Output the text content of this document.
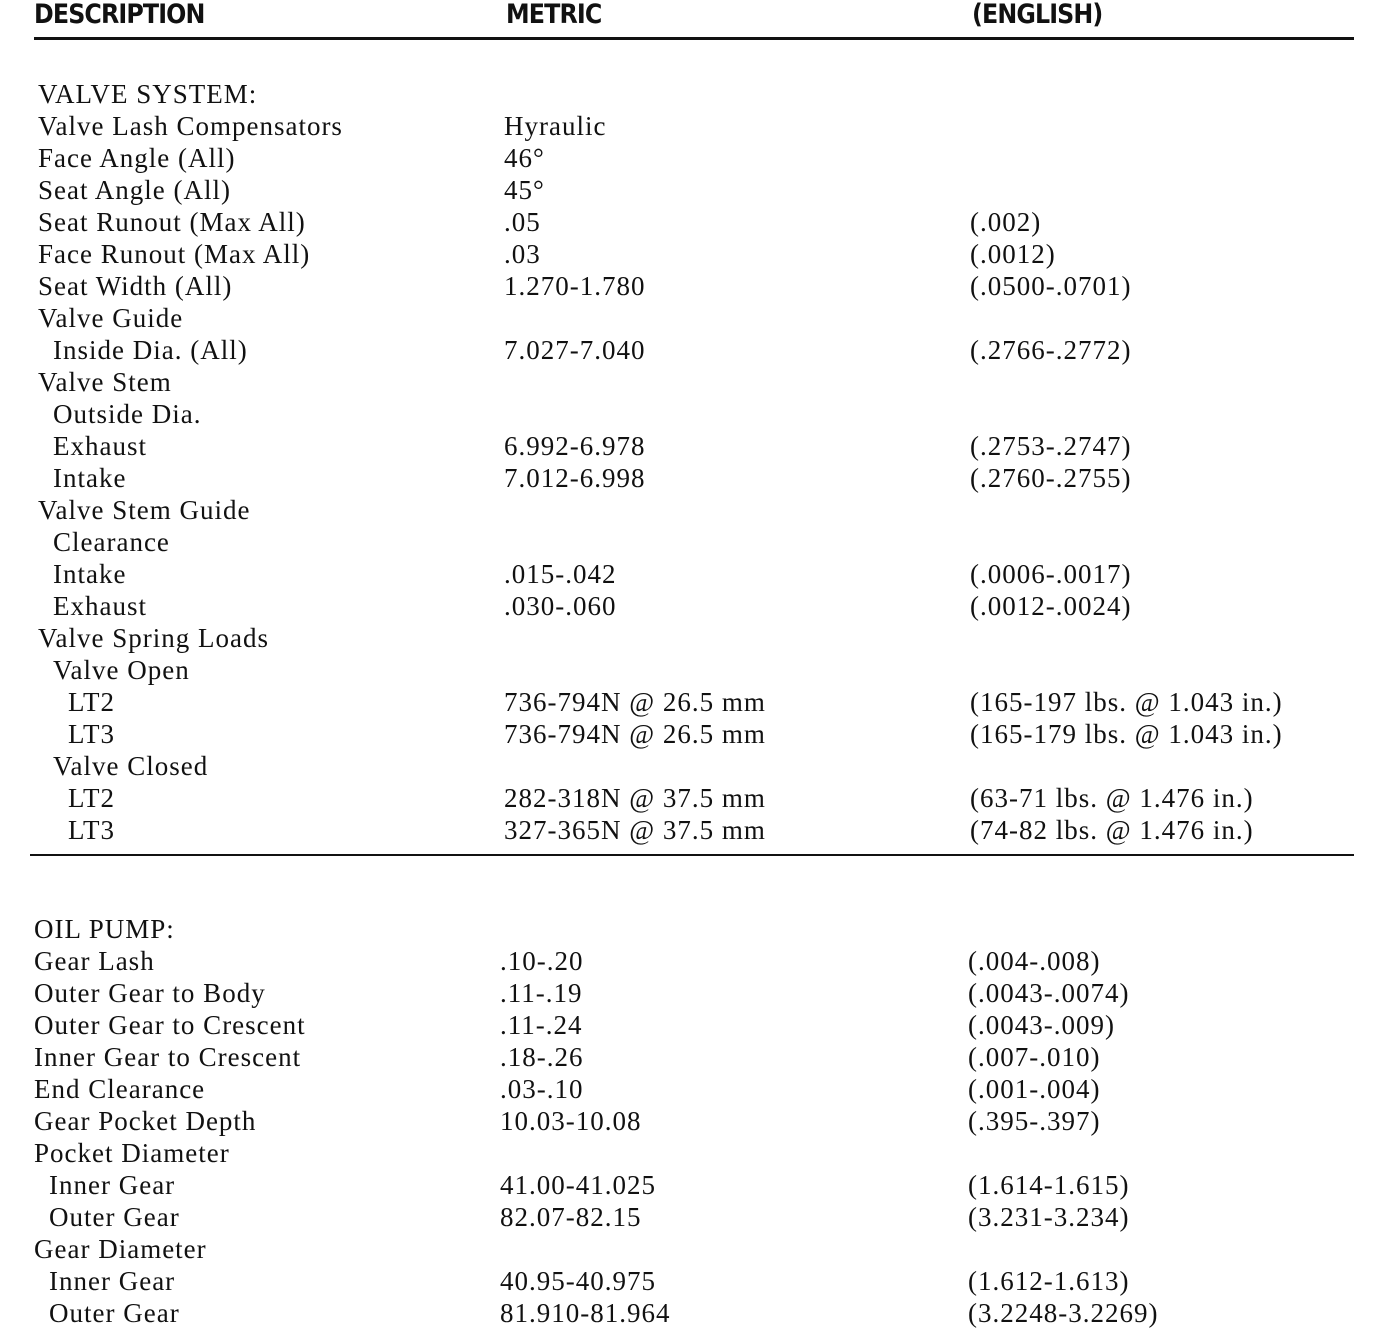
DESCRIPTION	METRIC	(ENGLISH)
VALVE SYSTEM:
Valve Lash Compensators	Hyraulic
Face Angle (All)	46°
Seat Angle (All)	45°
Seat Runout (Max All)	.05	(.002)
Face Runout (Max All)	.03	(.0012)
Seat Width (All)	1.270-1.780	(.0500-.0701)
Valve Guide
Inside Dia. (All)	7.027-7.040	(.2766-.2772)
Valve Stem
Outside Dia.
Exhaust	6.992-6.978	(.2753-.2747)
Intake	7.012-6.998	(.2760-.2755)
Valve Stem Guide
Clearance
Intake	.015-.042	(.0006-.0017)
Exhaust	.030-.060	(.0012-.0024)
Valve Spring Loads
Valve Open
LT2	736-794N @ 26.5 mm	(165-197 lbs. @ 1.043 in.)
LT3	736-794N @ 26.5 mm	(165-179 lbs. @ 1.043 in.)
Valve Closed
LT2	282-318N @ 37.5 mm	(63-71 lbs. @ 1.476 in.)
LT3	327-365N @ 37.5 mm	(74-82 lbs. @ 1.476 in.)
OIL PUMP:
Gear Lash	.10-.20	(.004-.008)
Outer Gear to Body	.11-.19	(.0043-.0074)
Outer Gear to Crescent	.11-.24	(.0043-.009)
Inner Gear to Crescent	.18-.26	(.007-.010)
End Clearance	.03-.10	(.001-.004)
Gear Pocket Depth	10.03-10.08	(.395-.397)
Pocket Diameter
Inner Gear	41.00-41.025	(1.614-1.615)
Outer Gear	82.07-82.15	(3.231-3.234)
Gear Diameter
Inner Gear	40.95-40.975	(1.612-1.613)
Outer Gear	81.910-81.964	(3.2248-3.2269)
